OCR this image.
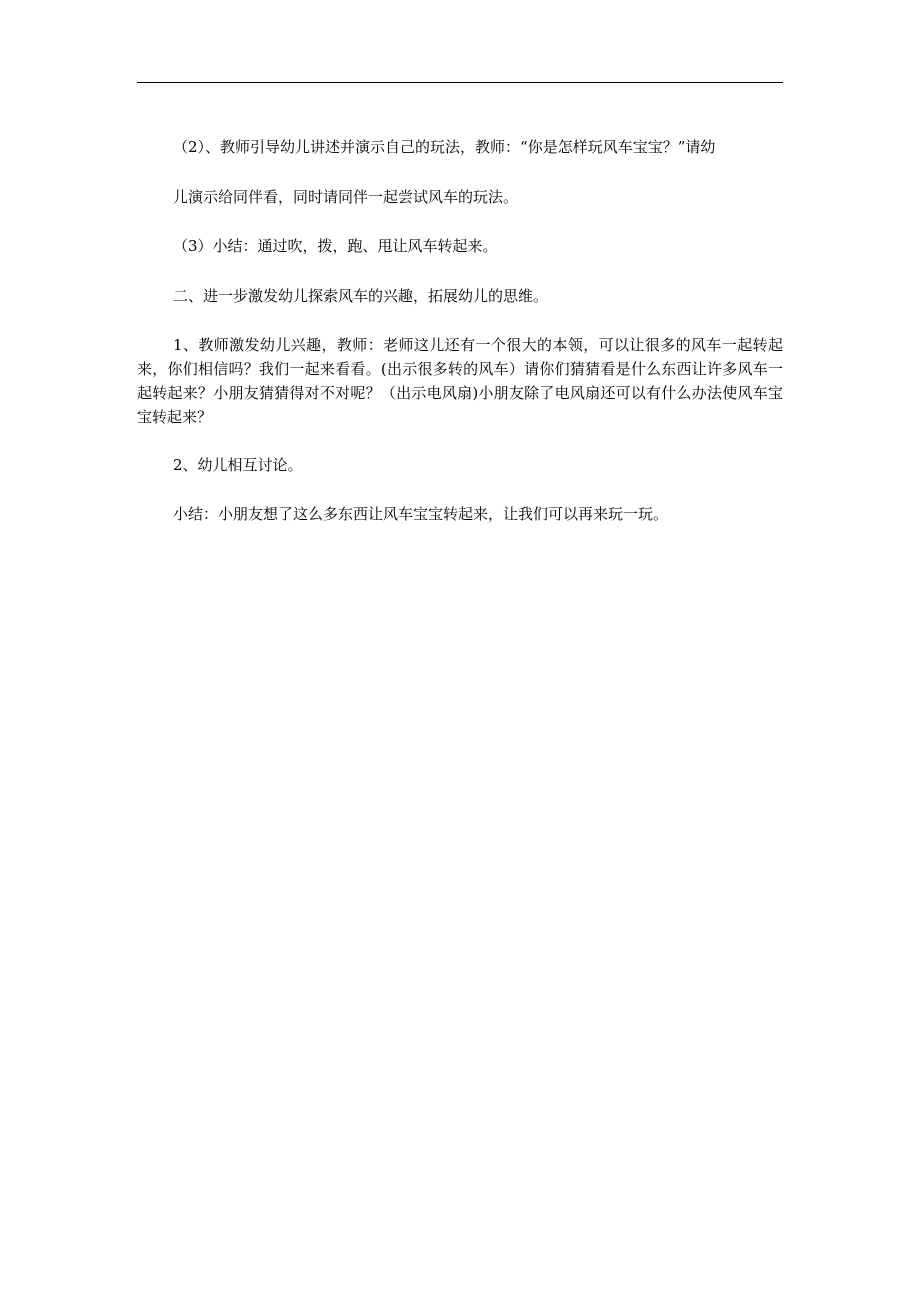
（2）、教师引导幼儿讲述并演示自己的玩法，教师：“你是怎样玩风车宝宝？”请幼

儿演示给同伴看，同时请同伴一起尝试风车的玩法。

（3）小结：通过吹，拨，跑、甩让风车转起来。

二、进一步激发幼儿探索风车的兴趣，拓展幼儿的思维。

1、教师激发幼儿兴趣，教师：老师这儿还有一个很大的本领，可以让很多的风车一起转起来，你们相信吗？我们一起来看看。(出示很多转的风车）请你们猜猜看是什么东西让许多风车一起转起来？小朋友猜猜得对不对呢？（出示电风扇)小朋友除了电风扇还可以有什么办法使风车宝宝转起来？

2、幼儿相互讨论。

小结：小朋友想了这么多东西让风车宝宝转起来，让我们可以再来玩一玩。
